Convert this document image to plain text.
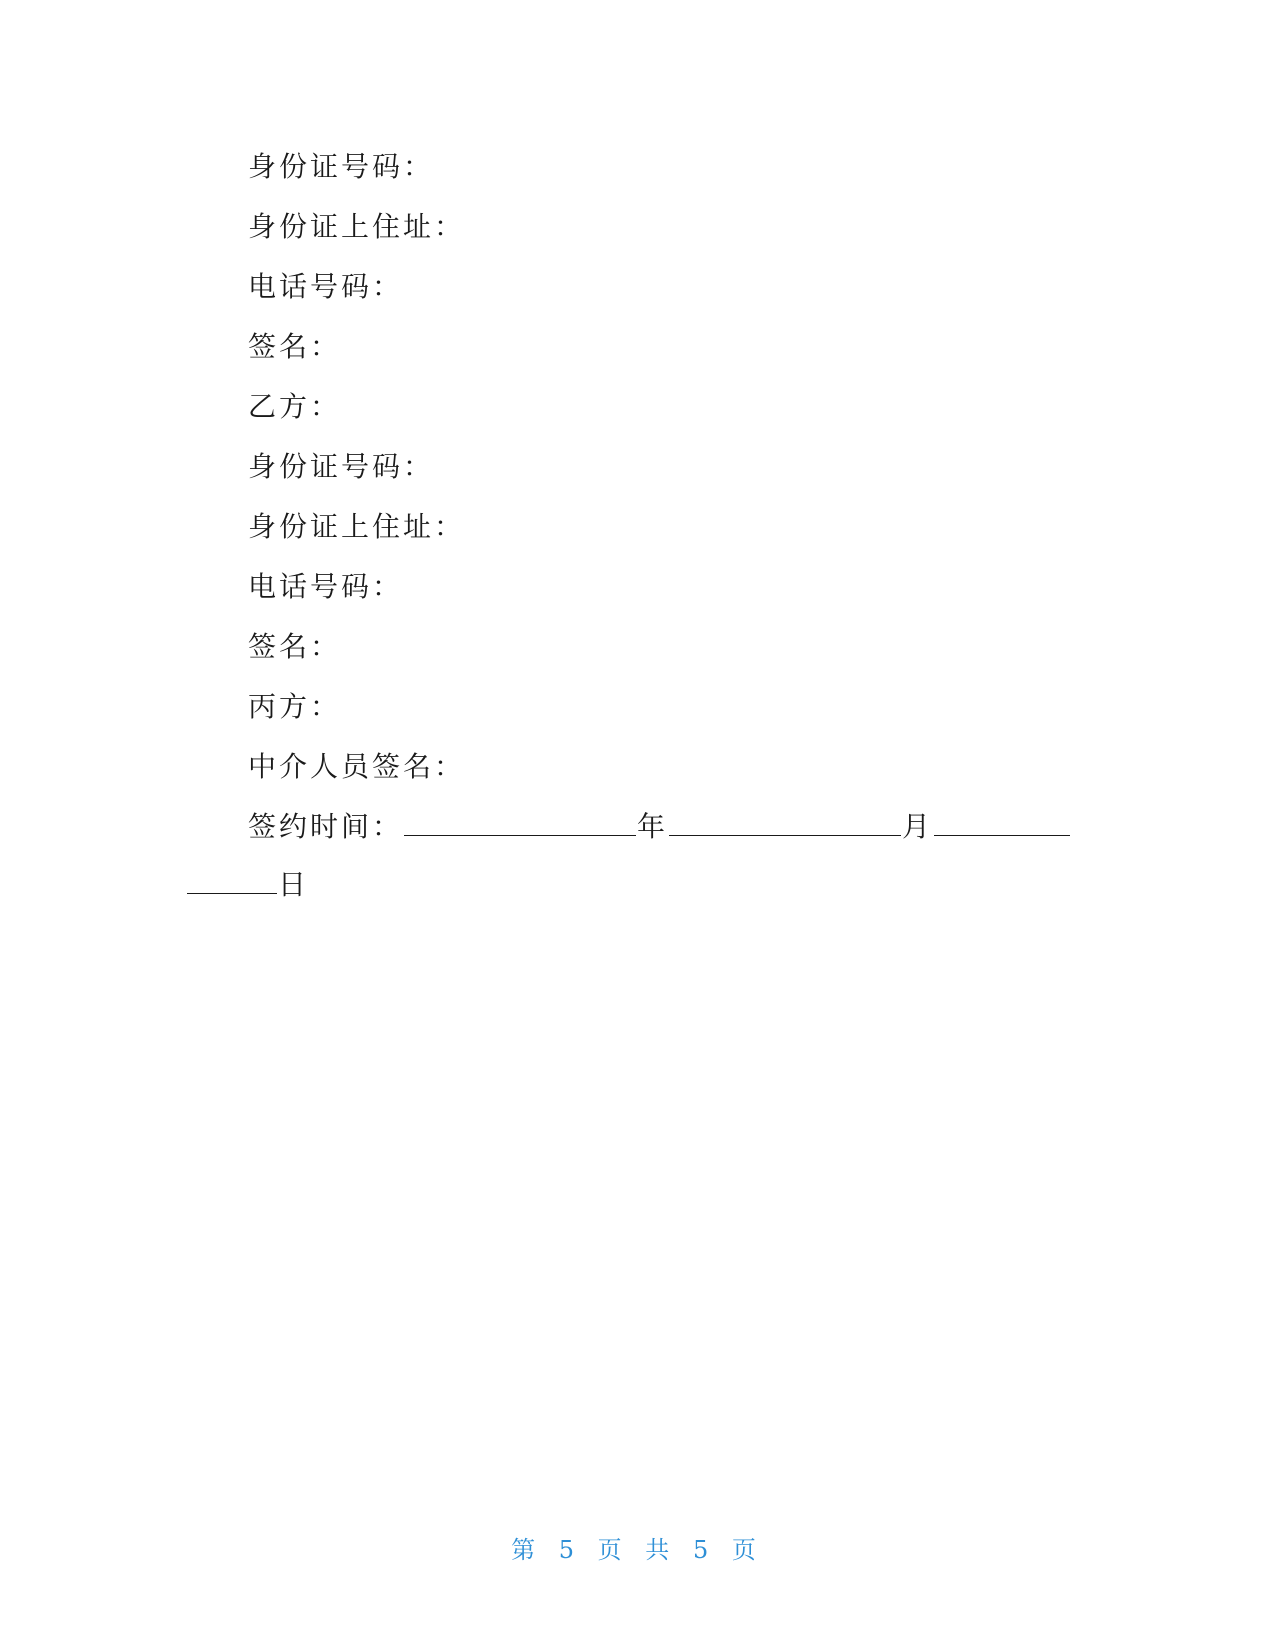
身份证号码：
身份证上住址：
电话号码：
签名：
乙方：
身份证号码：
身份证上住址：
电话号码：
签名：
丙方：
中介人员签名：
签约时间：	年	月
日
第 5 页 共 5 页
